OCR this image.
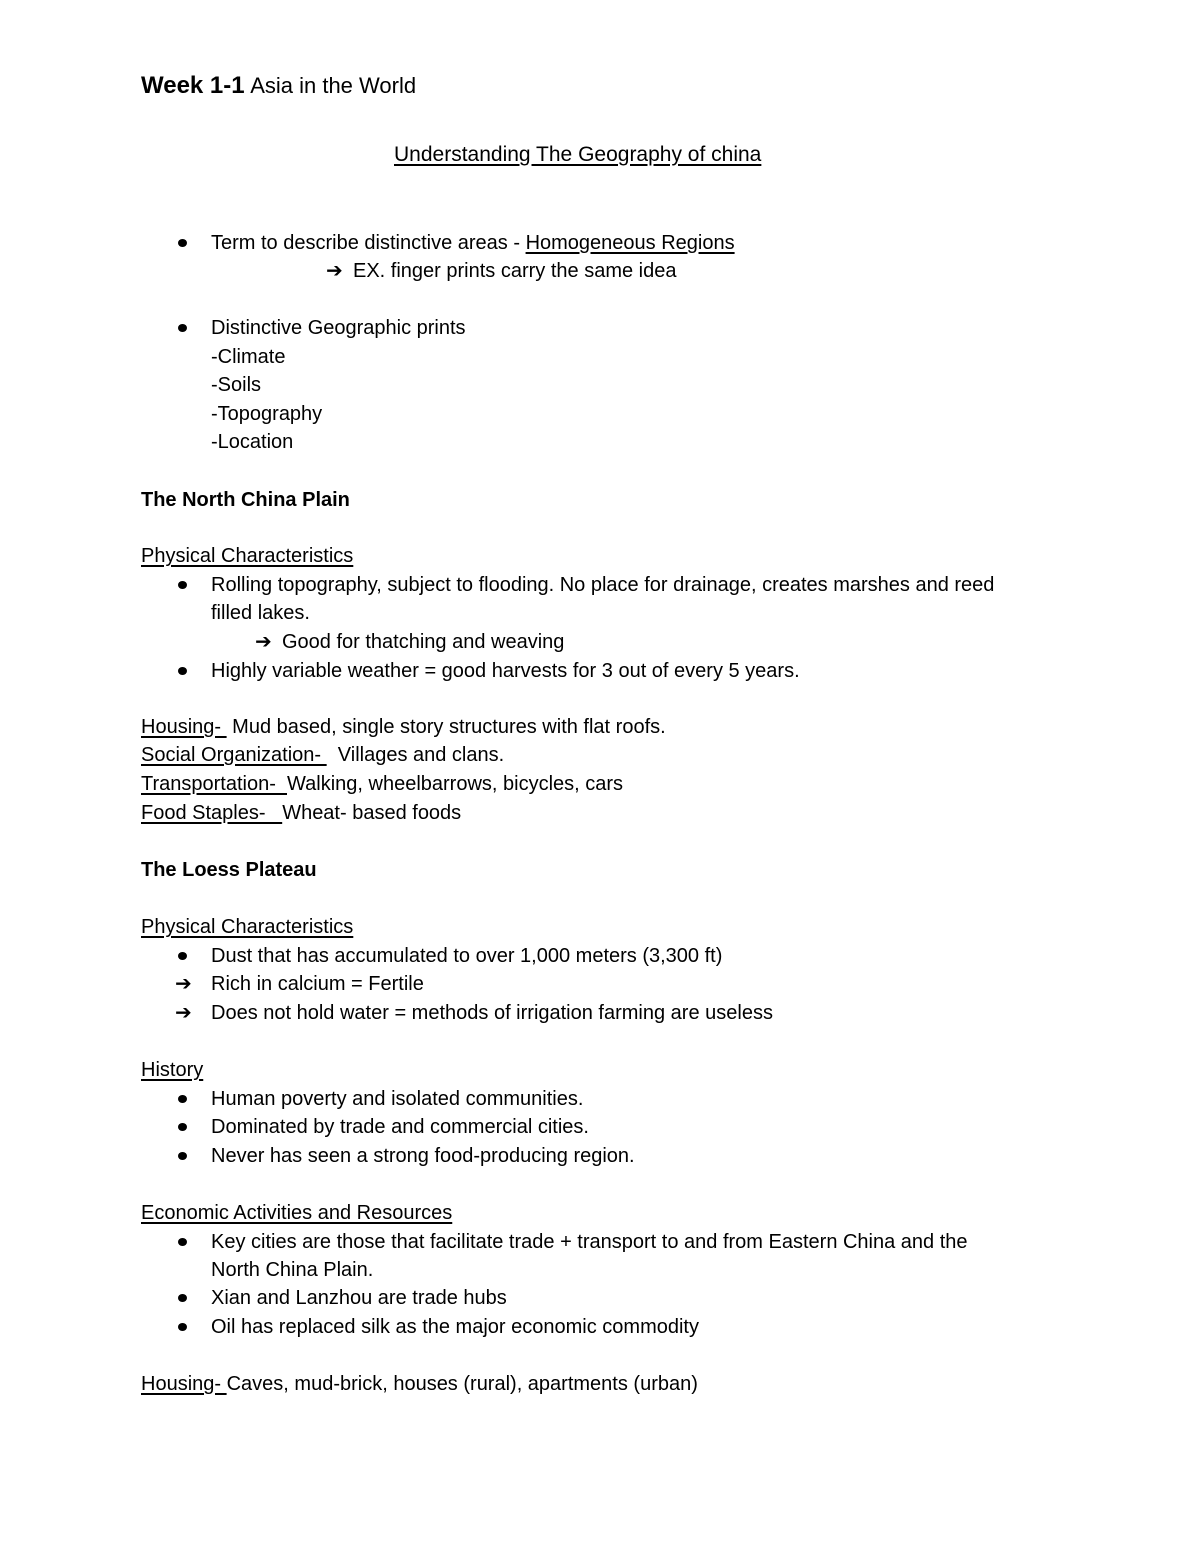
Week 1-1 Asia in the World
Understanding The Geography of china
Term to describe distinctive areas - Homogeneous Regions
➔ EX. finger prints carry the same idea
Distinctive Geographic prints
-Climate
-Soils
-Topography
-Location
The North China Plain
Physical Characteristics
Rolling topography, subject to flooding. No place for drainage, creates marshes and reed
filled lakes.
➔ Good for thatching and weaving
Highly variable weather = good harvests for 3 out of every 5 years.
Housing-  Mud based, single story structures with flat roofs.
Social Organization-   Villages and clans.
Transportation-  Walking, wheelbarrows, bicycles, cars
Food Staples-   Wheat- based foods
The Loess Plateau
Physical Characteristics
Dust that has accumulated to over 1,000 meters (3,300 ft)
➔ Rich in calcium = Fertile
➔ Does not hold water = methods of irrigation farming are useless
History
Human poverty and isolated communities.
Dominated by trade and commercial cities.
Never has seen a strong food-producing region.
Economic Activities and Resources
Key cities are those that facilitate trade + transport to and from Eastern China and the
North China Plain.
Xian and Lanzhou are trade hubs
Oil has replaced silk as the major economic commodity
Housing- Caves, mud-brick, houses (rural), apartments (urban)
